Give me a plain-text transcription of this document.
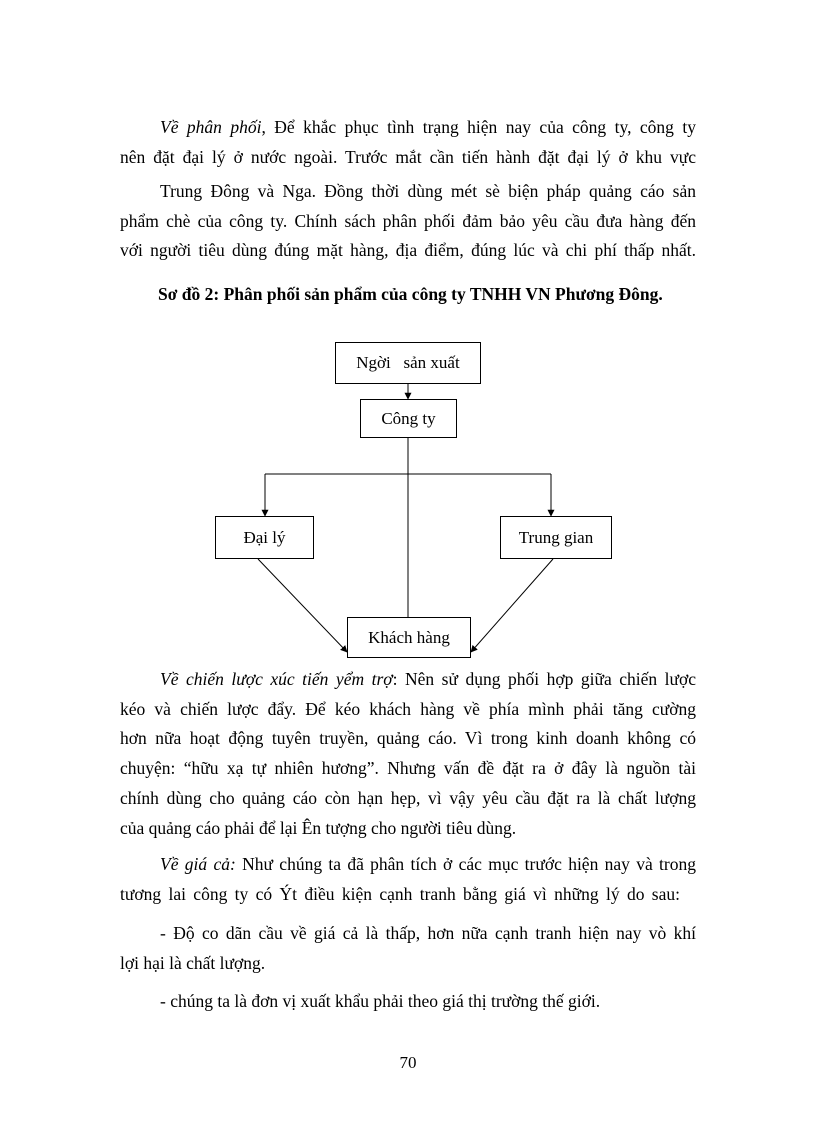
Về phân phối, Để khắc phục tình trạng hiện nay của công ty, công ty
nên đặt đại lý ở nước ngoài. Trước mắt cần tiến hành đặt đại lý ở khu vực
Trung Đông và Nga. Đồng thời dùng mét sè biện pháp quảng cáo sản
phẩm chè của công ty. Chính sách phân phối đảm bảo yêu cầu đưa hàng đến
với người tiêu dùng đúng mặt hàng, địa điểm, đúng lúc và chi phí thấp nhất.
Sơ đồ 2: Phân phối sản phẩm của công ty TNHH VN Phương Đông.
Ngời   sản xuất
Công ty
Đại lý	Trung gian
Khách hàng
Về chiến lược xúc tiến yểm trợ: Nên sử dụng phối hợp giữa chiến lược
kéo và chiến lược đẩy. Để kéo khách hàng về phía mình phải tăng cường
hơn nữa hoạt động tuyên truyền, quảng cáo. Vì trong kinh doanh không có
chuyện: “hữu xạ tự nhiên hương”. Nhưng vấn đề đặt ra ở đây là nguồn tài
chính dùng cho quảng cáo còn hạn hẹp, vì vậy yêu cầu đặt ra là chất lượng
của quảng cáo phải để lại Ên tượng cho người tiêu dùng.
Về giá cả: Như chúng ta đã phân tích ở các mục trước hiện nay và trong
tương lai công ty có Ýt điều kiện cạnh tranh bằng giá vì những lý do sau:
- Độ co dãn cầu về giá cả là thấp, hơn nữa cạnh tranh hiện nay vò khí
lợi hại là chất lượng.
- chúng ta là đơn vị xuất khẩu phải theo giá thị trường thế giới.
70
